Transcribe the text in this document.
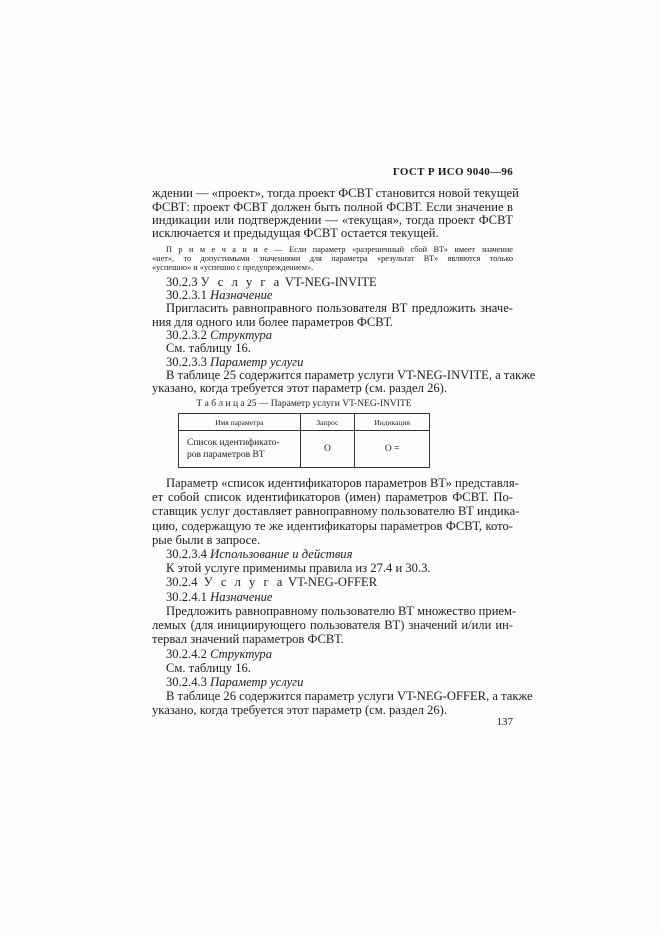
ГОСТ Р ИСО 9040—96
ждении — «проект», тогда проект ФСВТ становится новой текущей
ФСВТ: проект ФСВТ должен быть полной ФСВТ. Если значение в
индикации или подтверждении — «текущая», тогда проект ФСВТ
исключается и предыдущая ФСВТ остается текущей.
П р и м е ч а н и е — Если параметр «разрешенный сбой ВТ» имеет значение
«нет», то допустимыми значениями для параметра «результат ВТ» являются только
«успешно» и «успешно с предупреждением».
30.2.3 У с л у г а VT-NEG-INVITE
30.2.3.1 Назначение
Пригласить равноправного пользователя ВТ предложить значе-
ния для одного или более параметров ФСВТ.
30.2.3.2 Структура
См. таблицу 16.
30.2.3.3 Параметр услуги
В таблице 25 содержится параметр услуги VT-NEG-INVITE, а также
указано, когда требуется этот параметр (см. раздел 26).
Т а б л и ц а 25 — Параметр услуги VT-NEG-INVITE
Имя параметра	Запрос	Индикация
Список идентификато-
ров параметров ВТ	О	О =
Параметр «список идентификаторов параметров ВТ» представля-
ет собой список идентификаторов (имен) параметров ФСВТ. По-
ставщик услуг доставляет равноправному пользователю ВТ индика-
цию, содержащую те же идентификаторы параметров ФСВТ, кото-
рые были в запросе.
30.2.3.4 Использование и действия
К этой услуге применимы правила из 27.4 и 30.3.
30.2.4 У с л у г а VT-NEG-OFFER
30.2.4.1 Назначение
Предложить равноправному пользователю ВТ множество прием-
лемых (для инициирующего пользователя ВТ) значений и/или ин-
тервал значений параметров ФСВТ.
30.2.4.2 Структура
См. таблицу 16.
30.2.4.3 Параметр услуги
В таблице 26 содержится параметр услуги VT-NEG-OFFER, а также
указано, когда требуется этот параметр (см. раздел 26).
137
